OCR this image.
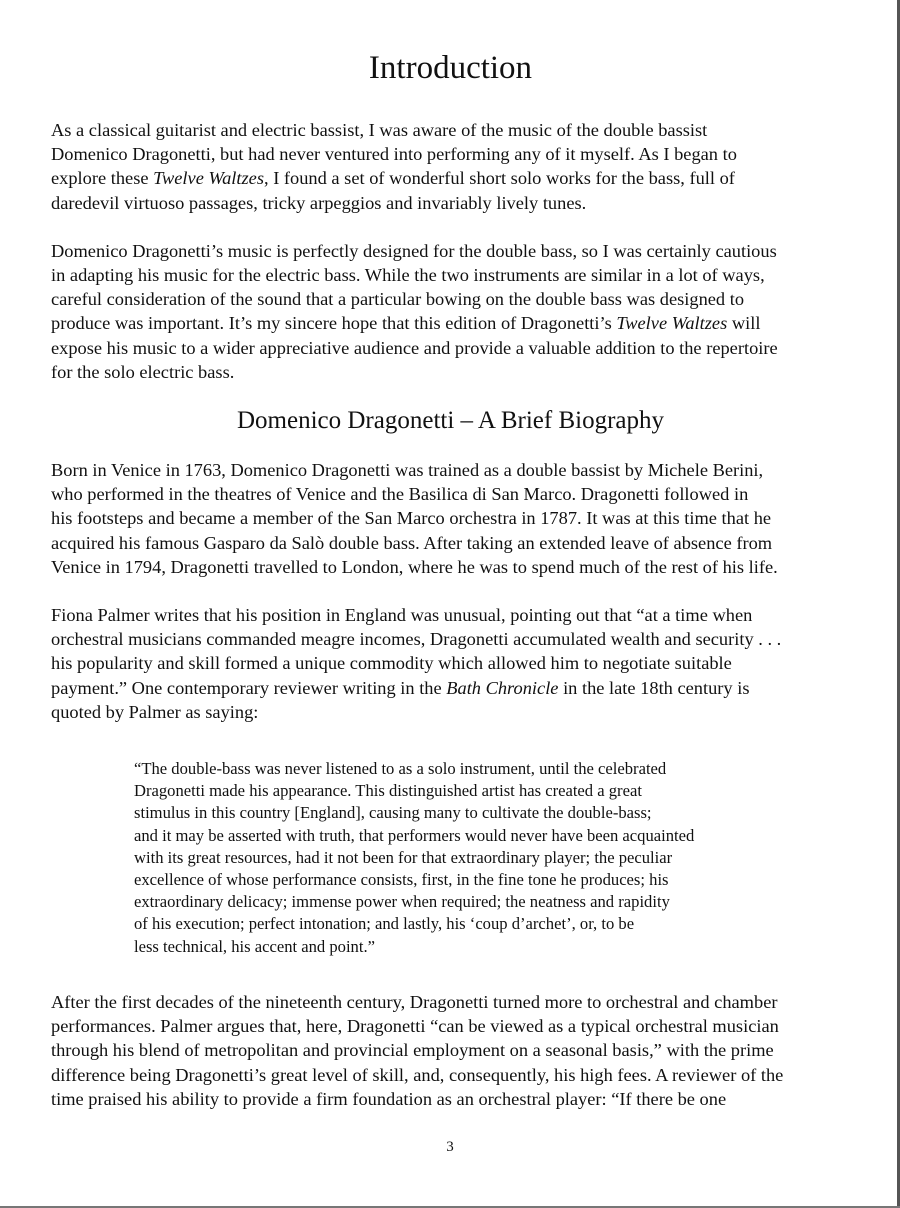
Introduction

As a classical guitarist and electric bassist, I was aware of the music of the double bassist
Domenico Dragonetti, but had never ventured into performing any of it myself. As I began to
explore these Twelve Waltzes, I found a set of wonderful short solo works for the bass, full of
daredevil virtuoso passages, tricky arpeggios and invariably lively tunes.

Domenico Dragonetti’s music is perfectly designed for the double bass, so I was certainly cautious
in adapting his music for the electric bass. While the two instruments are similar in a lot of ways,
careful consideration of the sound that a particular bowing on the double bass was designed to
produce was important. It’s my sincere hope that this edition of Dragonetti’s Twelve Waltzes will
expose his music to a wider appreciative audience and provide a valuable addition to the repertoire
for the solo electric bass.

Domenico Dragonetti – A Brief Biography

Born in Venice in 1763, Domenico Dragonetti was trained as a double bassist by Michele Berini,
who performed in the theatres of Venice and the Basilica di San Marco. Dragonetti followed in
his footsteps and became a member of the San Marco orchestra in 1787. It was at this time that he
acquired his famous Gasparo da Salò double bass. After taking an extended leave of absence from
Venice in 1794, Dragonetti travelled to London, where he was to spend much of the rest of his life.

Fiona Palmer writes that his position in England was unusual, pointing out that “at a time when
orchestral musicians commanded meagre incomes, Dragonetti accumulated wealth and security . . .
his popularity and skill formed a unique commodity which allowed him to negotiate suitable
payment.” One contemporary reviewer writing in the Bath Chronicle in the late 18th century is
quoted by Palmer as saying:

“The double-bass was never listened to as a solo instrument, until the celebrated
Dragonetti made his appearance. This distinguished artist has created a great
stimulus in this country [England], causing many to cultivate the double-bass;
and it may be asserted with truth, that performers would never have been acquainted
with its great resources, had it not been for that extraordinary player; the peculiar
excellence of whose performance consists, first, in the fine tone he produces; his
extraordinary delicacy; immense power when required; the neatness and rapidity
of his execution; perfect intonation; and lastly, his ‘coup d’archet’, or, to be
less technical, his accent and point.”

After the first decades of the nineteenth century, Dragonetti turned more to orchestral and chamber
performances. Palmer argues that, here, Dragonetti “can be viewed as a typical orchestral musician
through his blend of metropolitan and provincial employment on a seasonal basis,” with the prime
difference being Dragonetti’s great level of skill, and, consequently, his high fees. A reviewer of the
time praised his ability to provide a firm foundation as an orchestral player: “If there be one

3
